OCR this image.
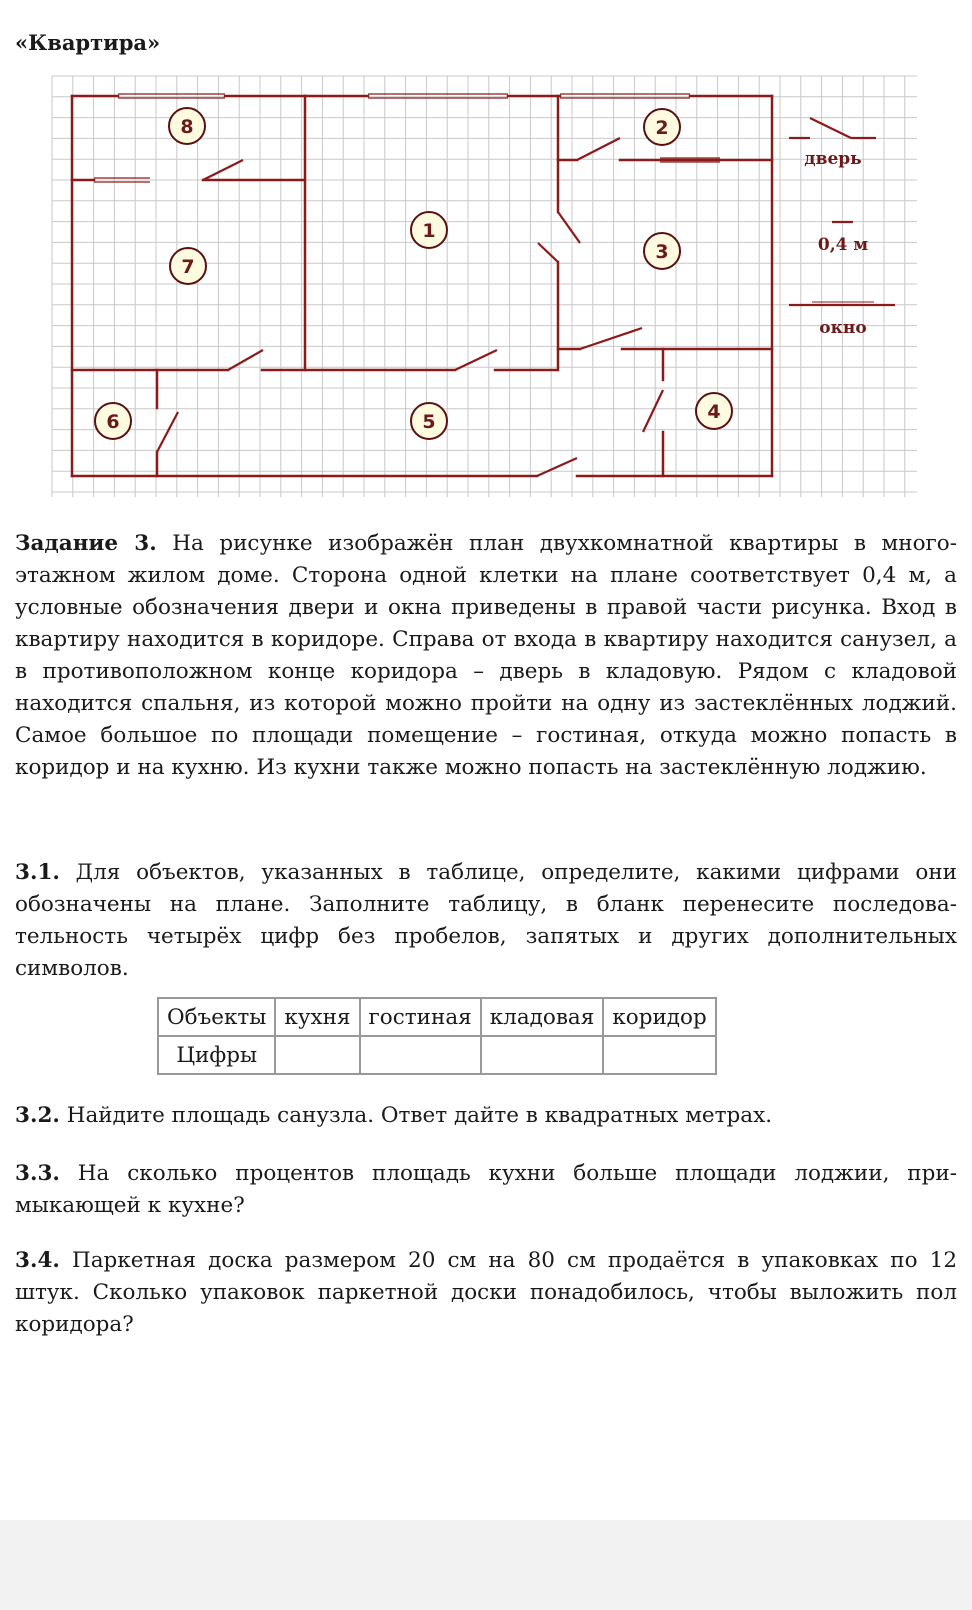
«Квартира»
1
2
3
4
5
6
7
8
дверь
0,4 м
окно

Задание 3. На рисунке изображён план двухкомнатной квартиры в многоэтажном жилом доме. Сторона одной клетки на плане соответствует 0,4 м, а условные обозначения двери и окна приведены в правой части рисунка. Вход в квартиру находится в коридоре. Справа от входа в квартиру находится санузел, а в противоположном конце коридора – дверь в кладовую. Рядом с кладовой находится спальня, из которой можно пройти на одну из застеклённых лоджий. Самое большое по площади помещение – гостиная, откуда можно попасть в коридор и на кухню. Из кухни также можно попасть на застеклённую лоджию.

3.1. Для объектов, указанных в таблице, определите, какими цифрами они обозначены на плане. Заполните таблицу, в бланк перенесите последовательность четырёх цифр без пробелов, запятых и других дополнительных символов.

Объекты	кухня	гостиная	кладовая	коридор
Цифры				

3.2. Найдите площадь санузла. Ответ дайте в квадратных метрах.

3.3. На сколько процентов площадь кухни больше площади лоджии, примыкающей к кухне?

3.4. Паркетная доска размером 20 см на 80 см продаётся в упаковках по 12 штук. Сколько упаковок паркетной доски понадобилось, чтобы выложить пол коридора?
